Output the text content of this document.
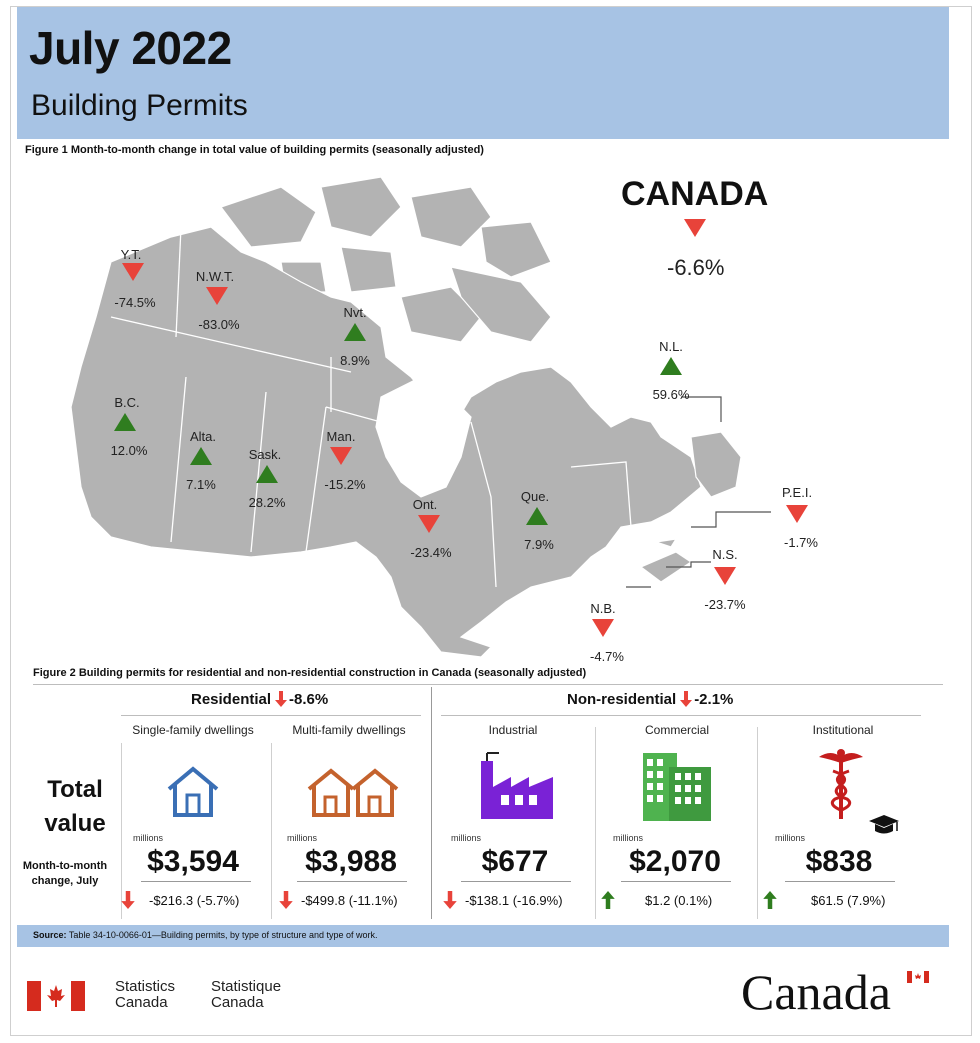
July 2022
Building Permits
Figure 1 Month-to-month change in total value of building permits (seasonally adjusted)
CANADA
-6.6%
Y.T.
-74.5%
N.W.T.
-83.0%
Nvt.
8.9%
B.C.
12.0%
Alta.
7.1%
Sask.
28.2%
Man.
-15.2%
Ont.
-23.4%
Que.
7.9%
N.L.
59.6%
P.E.I.
-1.7%
N.S.
-23.7%
N.B.
-4.7%
Figure 2 Building permits for residential and non-residential construction in Canada (seasonally adjusted)
Residential -8.6%	Non-residential -2.1%
Total value
Month-to-month change, July
Single-family dwellings	Multi-family dwellings	Industrial	Commercial	Institutional
millions	millions	millions	millions	millions
$3,594 $3,988	$677	$2,070	$838
-$216.3 (-5.7%)	-$499.8 (-11.1%)	-$138.1 (-16.9%)	$1.2 (0.1%)	$61.5 (7.9%)
Source: Table 34-10-0066-01—Building permits, by type of structure and type of work.
Statistics Canada
Statistique Canada	Canada
